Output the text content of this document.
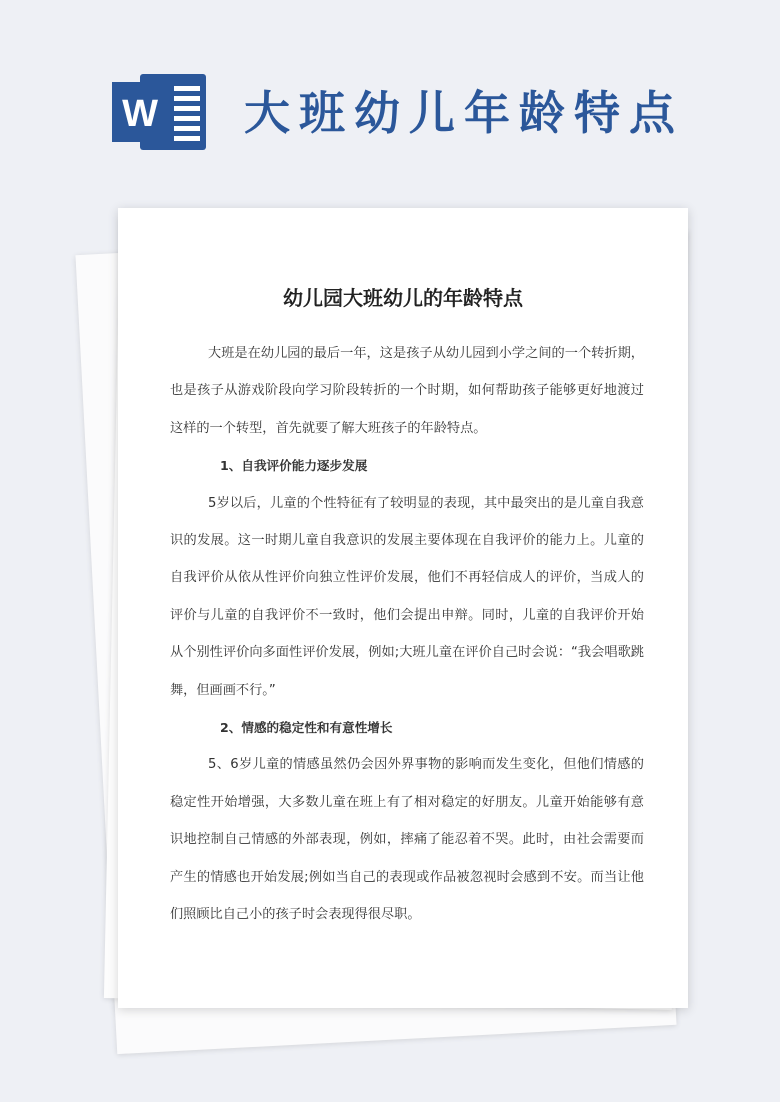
W 大班幼儿年龄特点
幼儿园大班幼儿的年龄特点

大班是在幼儿园的最后一年，这是孩子从幼儿园到小学之间的一个转折期，也是孩子从游戏阶段向学习阶段转折的一个时期，如何帮助孩子能够更好地渡过这样的一个转型，首先就要了解大班孩子的年龄特点。

1、自我评价能力逐步发展

5岁以后，儿童的个性特征有了较明显的表现，其中最突出的是儿童自我意识的发展。这一时期儿童自我意识的发展主要体现在自我评价的能力上。儿童的自我评价从依从性评价向独立性评价发展，他们不再轻信成人的评价，当成人的评价与儿童的自我评价不一致时，他们会提出申辩。同时，儿童的自我评价开始从个别性评价向多面性评价发展，例如;大班儿童在评价自己时会说：“我会唱歌跳舞，但画画不行。”

2、情感的稳定性和有意性增长

5、6岁儿童的情感虽然仍会因外界事物的影响而发生变化，但他们情感的稳定性开始增强，大多数儿童在班上有了相对稳定的好朋友。儿童开始能够有意识地控制自己情感的外部表现，例如，摔痛了能忍着不哭。此时，由社会需要而产生的情感也开始发展;例如当自己的表现或作品被忽视时会感到不安。而当让他们照顾比自己小的孩子时会表现得很尽职。
